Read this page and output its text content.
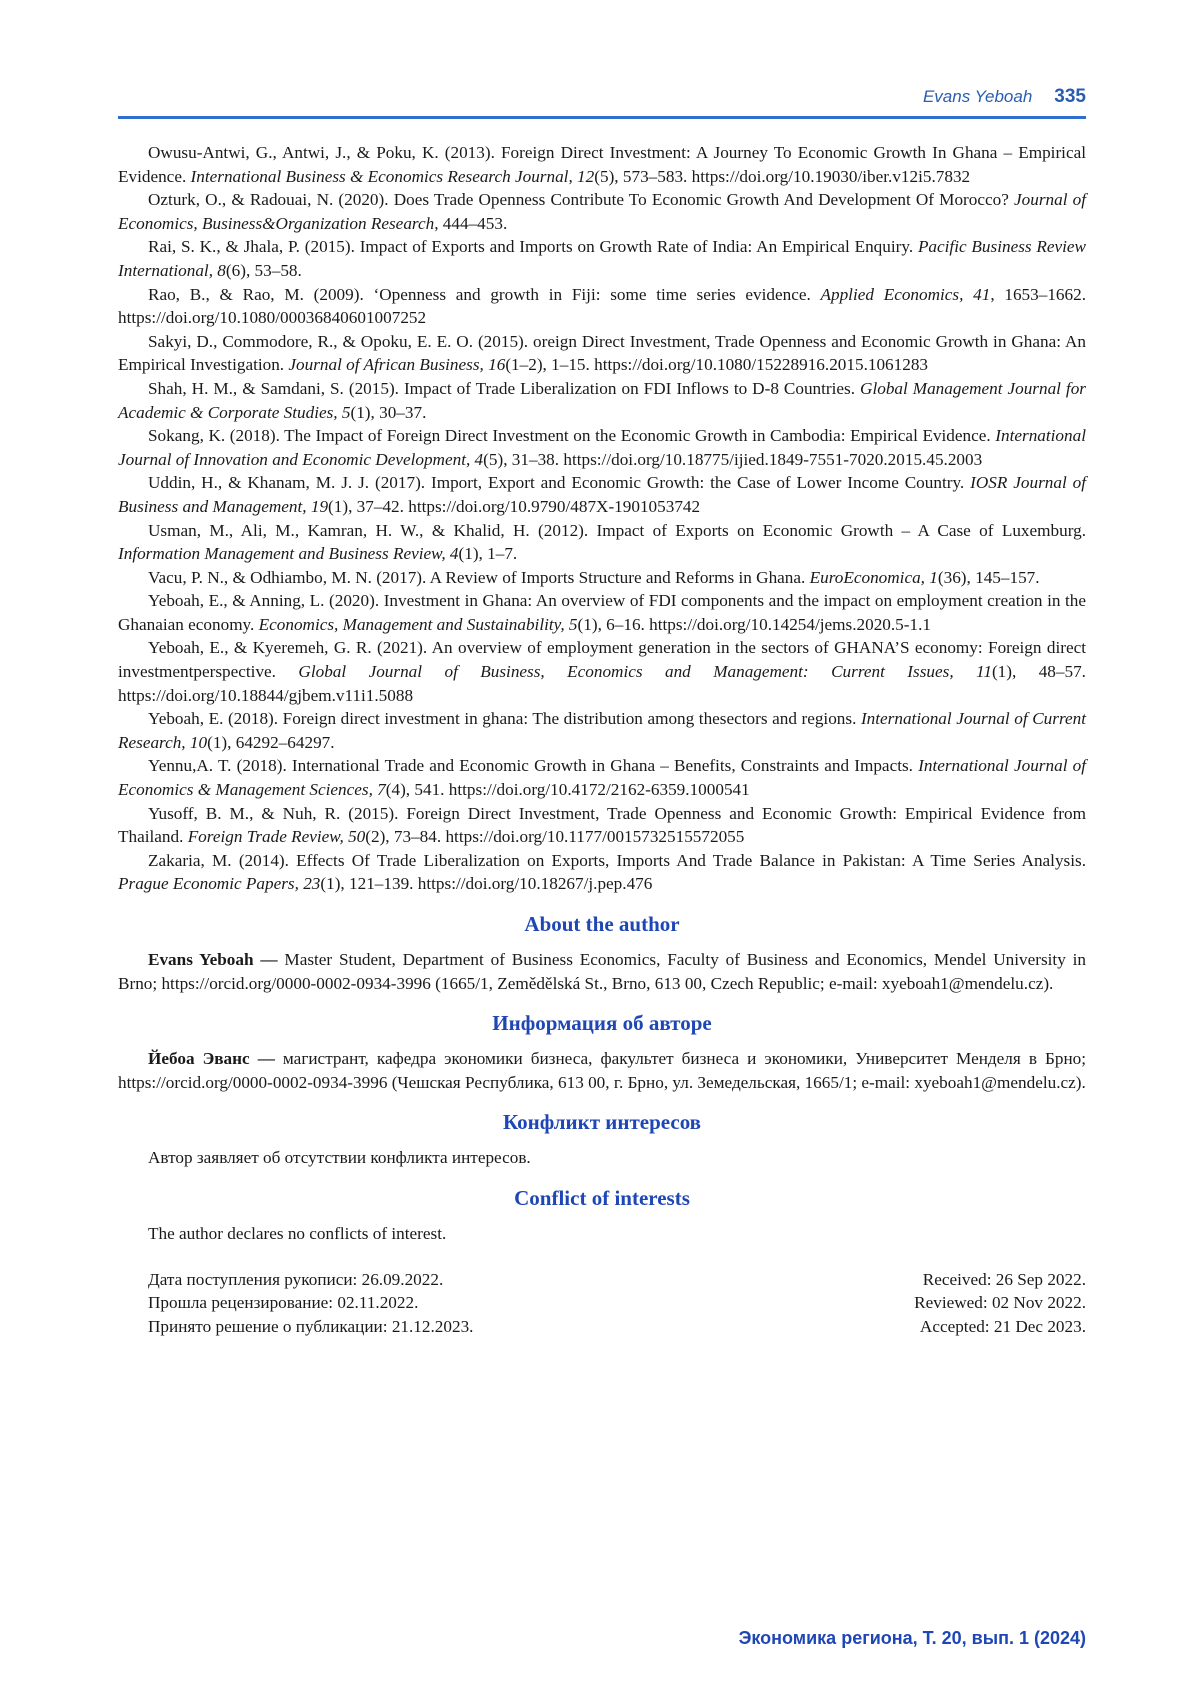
Evans Yeboah 335

Owusu-Antwi, G., Antwi, J., & Poku, K. (2013). Foreign Direct Investment: A Journey To Economic Growth In Ghana – Empirical Evidence. International Business & Economics Research Journal, 12(5), 573–583. https://doi.org/10.19030/iber.v12i5.7832

Ozturk, O., & Radouai, N. (2020). Does Trade Openness Contribute To Economic Growth And Development Of Morocco? Journal of Economics, Business&Organization Research, 444–453.

Rai, S. K., & Jhala, P. (2015). Impact of Exports and Imports on Growth Rate of India: An Empirical Enquiry. Pacific Business Review International, 8(6), 53–58.

Rao, B., & Rao, M. (2009). ‘Openness and growth in Fiji: some time series evidence. Applied Economics, 41, 1653–1662. https://doi.org/10.1080/00036840601007252

Sakyi, D., Commodore, R., & Opoku, E. E. O. (2015). oreign Direct Investment, Trade Openness and Economic Growth in Ghana: An Empirical Investigation. Journal of African Business, 16(1–2), 1–15. https://doi.org/10.1080/15228916.2015.1061283

Shah, H. M., & Samdani, S. (2015). Impact of Trade Liberalization on FDI Inflows to D-8 Countries. Global Management Journal for Academic & Corporate Studies, 5(1), 30–37.

Sokang, K. (2018). The Impact of Foreign Direct Investment on the Economic Growth in Cambodia: Empirical Evidence. International Journal of Innovation and Economic Development, 4(5), 31–38. https://doi.org/10.18775/ijied.1849-7551-7020.2015.45.2003

Uddin, H., & Khanam, M. J. J. (2017). Import, Export and Economic Growth: the Case of Lower Income Country. IOSR Journal of Business and Management, 19(1), 37–42. https://doi.org/10.9790/487X-1901053742

Usman, M., Ali, M., Kamran, H. W., & Khalid, H. (2012). Impact of Exports on Economic Growth – A Case of Luxemburg. Information Management and Business Review, 4(1), 1–7.

Vacu, P. N., & Odhiambo, M. N. (2017). A Review of Imports Structure and Reforms in Ghana. EuroEconomica, 1(36), 145–157.

Yeboah, E., & Anning, L. (2020). Investment in Ghana: An overview of FDI components and the impact on employment creation in the Ghanaian economy. Economics, Management and Sustainability, 5(1), 6–16. https://doi.org/10.14254/jems.2020.5-1.1

Yeboah, E., & Kyeremeh, G. R. (2021). An overview of employment generation in the sectors of GHANA’S economy: Foreign direct investmentperspective. Global Journal of Business, Economics and Management: Current Issues, 11(1), 48–57. https://doi.org/10.18844/gjbem.v11i1.5088

Yeboah, E. (2018). Foreign direct investment in ghana: The distribution among thesectors and regions. International Journal of Current Research, 10(1), 64292–64297.

Yennu,A. T. (2018). International Trade and Economic Growth in Ghana – Benefits, Constraints and Impacts. International Journal of Economics & Management Sciences, 7(4), 541. https://doi.org/10.4172/2162-6359.1000541

Yusoff, B. M., & Nuh, R. (2015). Foreign Direct Investment, Trade Openness and Economic Growth: Empirical Evidence from Thailand. Foreign Trade Review, 50(2), 73–84. https://doi.org/10.1177/0015732515572055

Zakaria, M. (2014). Effects Of Trade Liberalization on Exports, Imports And Trade Balance in Pakistan: A Time Series Analysis. Prague Economic Papers, 23(1), 121–139. https://doi.org/10.18267/j.pep.476

About the author

Evans Yeboah — Master Student, Department of Business Economics, Faculty of Business and Economics, Mendel University in Brno; https://orcid.org/0000-0002-0934-3996 (1665/1, Zemědělská St., Brno, 613 00, Czech Republic; e-mail: xyeboah1@mendelu.cz).

Информация об авторе

Йебоа Эванс — магистрант, кафедра экономики бизнеса, факультет бизнеса и экономики, Университет Менделя в Брно; https://orcid.org/0000-0002-0934-3996 (Чешская Республика, 613 00, г. Брно, ул. Земедельская, 1665/1; e-mail: xyeboah1@mendelu.cz).

Конфликт интересов

Автор заявляет об отсутствии конфликта интересов.

Conflict of interests

The author declares no conflicts of interest.

Дата поступления рукописи: 26.09.2022.
Прошла рецензирование: 02.11.2022.
Принято решение о публикации: 21.12.2023.
Received: 26 Sep 2022.
Reviewed: 02 Nov 2022.
Accepted: 21 Dec 2023.
Экономика региона, Т. 20, вып. 1 (2024)
